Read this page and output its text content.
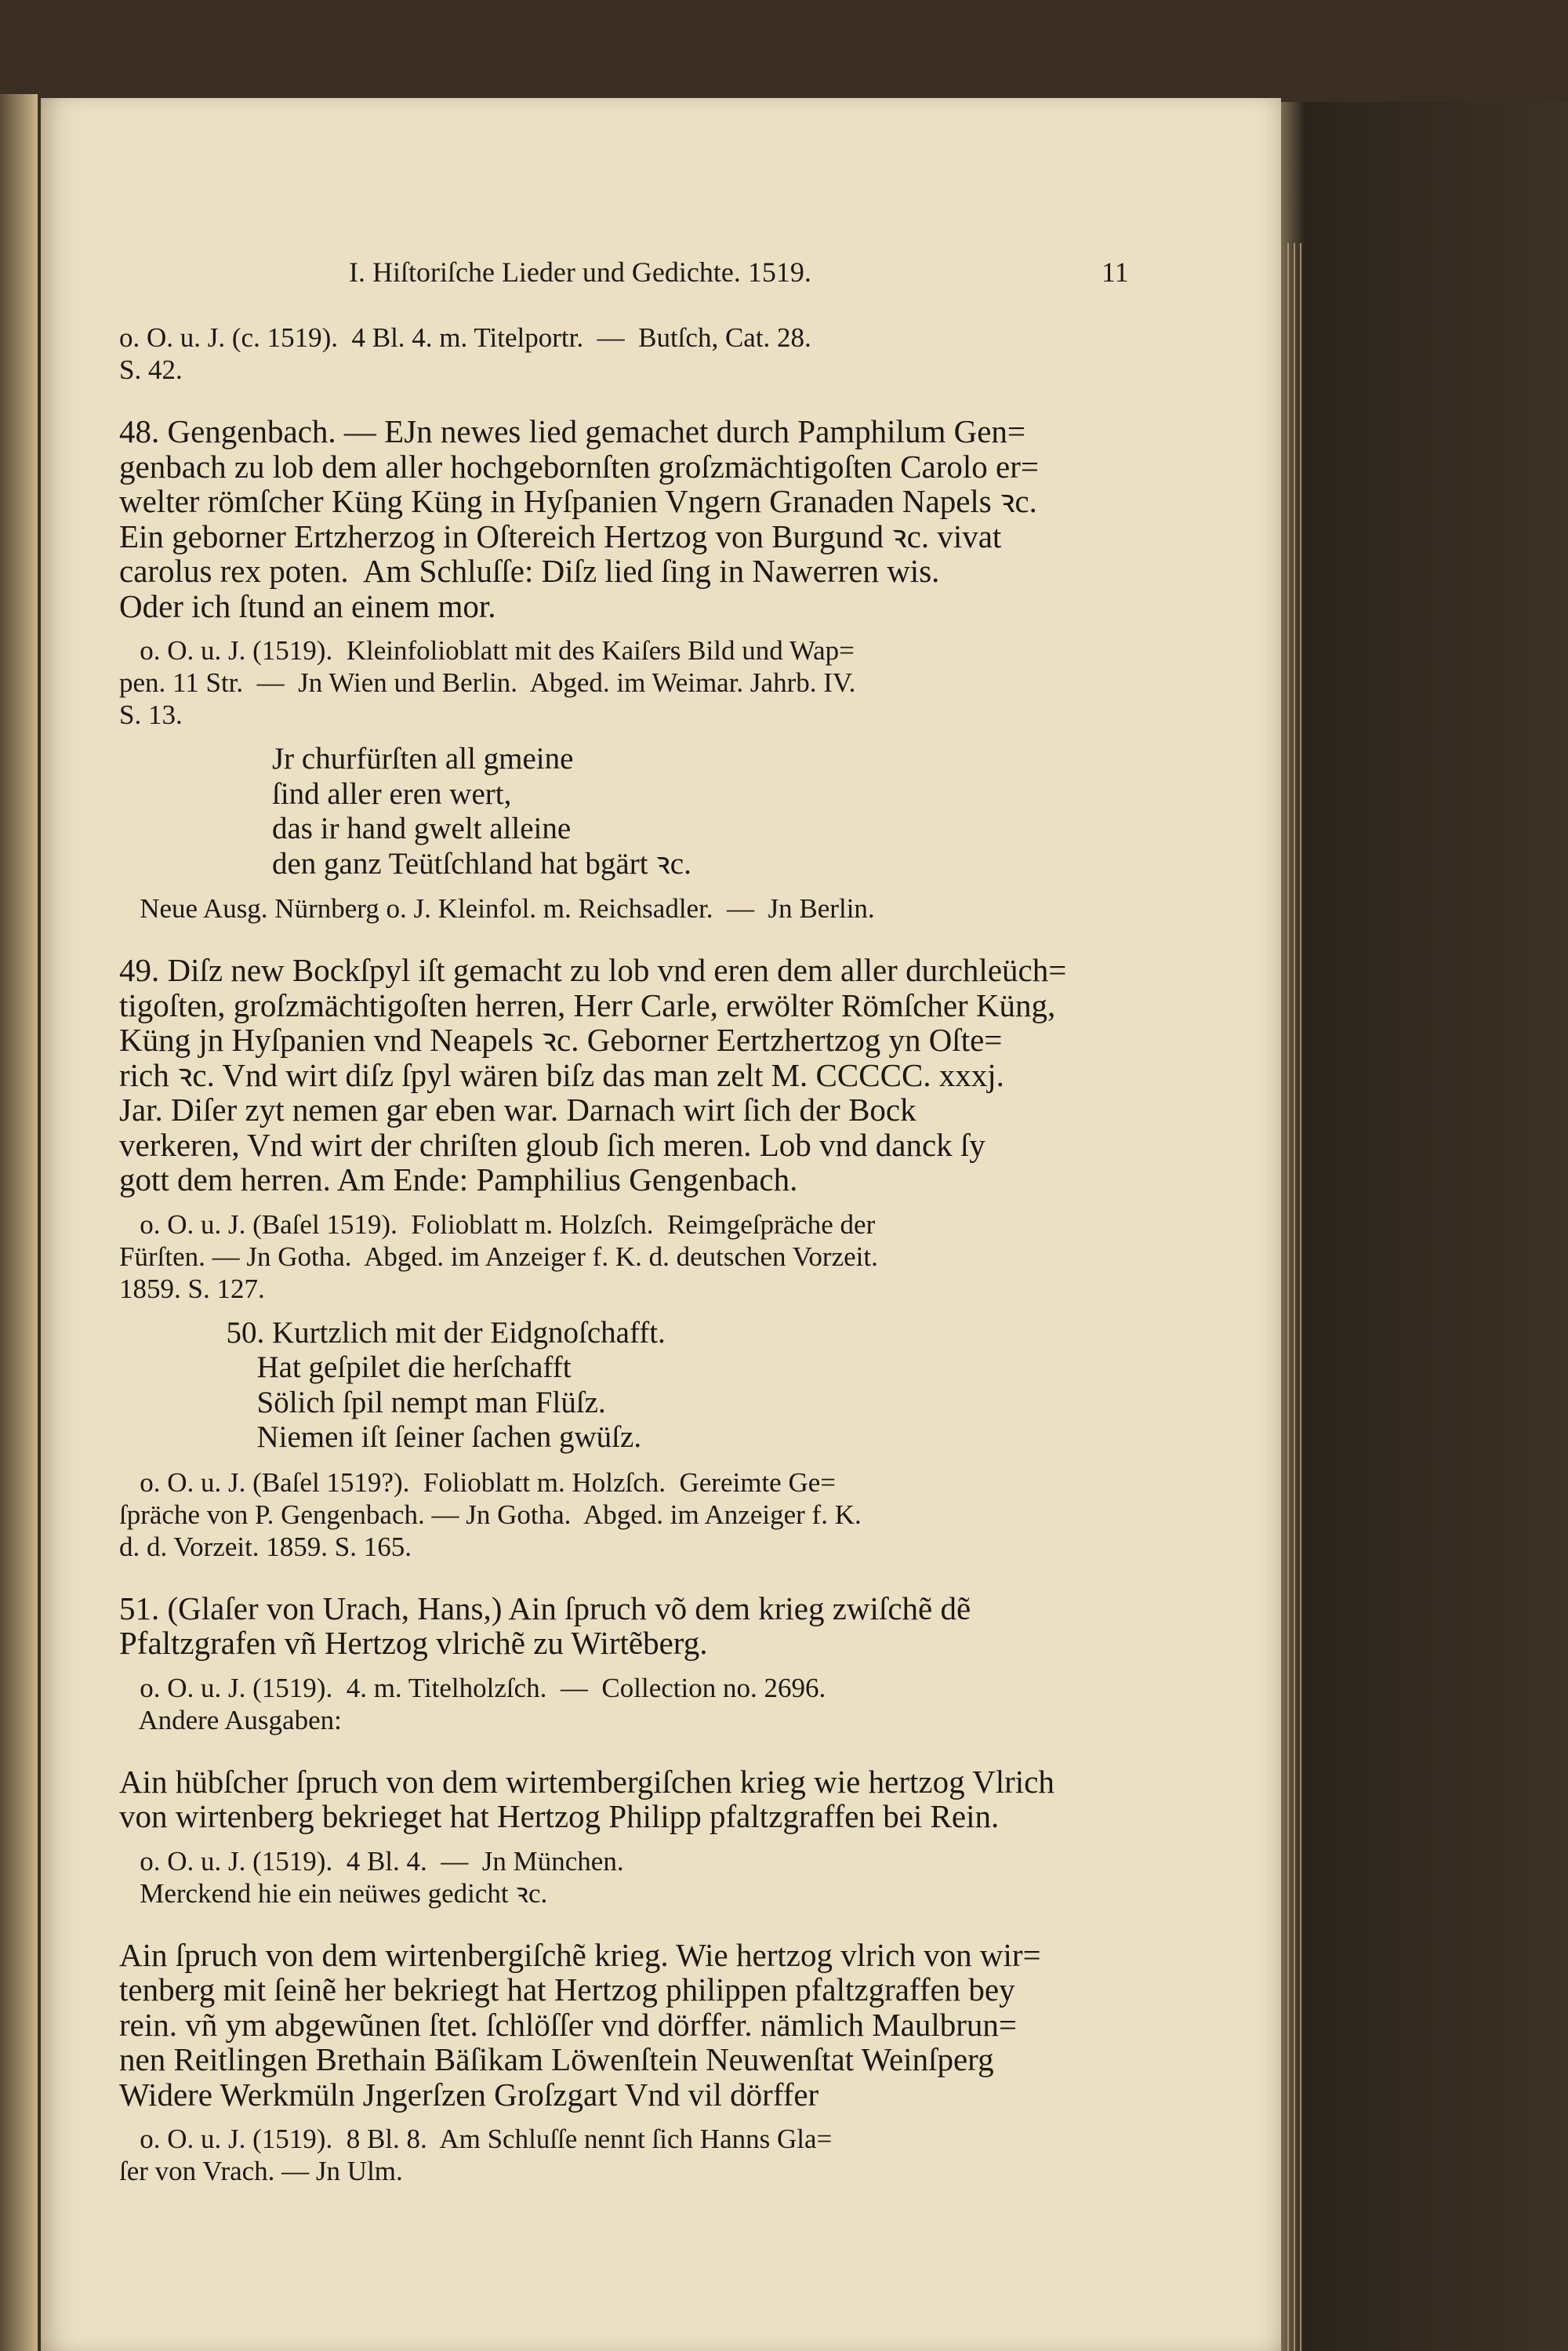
I. Hiſtoriſche Lieder und Gedichte. 1519.	11
o. O. u. J. (c. 1519).  4 Bl. 4. m. Titelportr.  —  Butſch, Cat. 28.
S. 42.
48. Gengenbach. — EJn newes lied gemachet durch Pamphilum Gen=
genbach zu lob dem aller hochgebornſten groſzmächtigoſten Carolo er=
welter römſcher Küng Küng in Hyſpanien Vngern Granaden Napels ꝛc.
Ein geborner Ertzherzog in Oſtereich Hertzog von Burgund ꝛc. vivat
carolus rex poten.  Am Schluſſe: Diſz lied ſing in Nawerren wis.
Oder ich ſtund an einem mor.
o. O. u. J. (1519).  Kleinfolioblatt mit des Kaiſers Bild und Wap=
pen. 11 Str.  —  Jn Wien und Berlin.  Abged. im Weimar. Jahrb. IV.
S. 13.
Jr churfürſten all gmeine
ſind aller eren wert,
das ir hand gwelt alleine
den ganz Teütſchland hat bgärt ꝛc.
Neue Ausg. Nürnberg o. J. Kleinfol. m. Reichsadler.  —  Jn Berlin.
49. Diſz new Bockſpyl iſt gemacht zu lob vnd eren dem aller durchleüch=
tigoſten, groſzmächtigoſten herren, Herr Carle, erwölter Römſcher Küng,
Küng jn Hyſpanien vnd Neapels ꝛc. Geborner Eertzhertzog yn Oſte=
rich ꝛc. Vnd wirt diſz ſpyl wären biſz das man zelt M. CCCCC. xxxj.
Jar. Diſer zyt nemen gar eben war. Darnach wirt ſich der Bock
verkeren, Vnd wirt der chriſten gloub ſich meren. Lob vnd danck ſy
gott dem herren. Am Ende: Pamphilius Gengenbach.
o. O. u. J. (Baſel 1519).  Folioblatt m. Holzſch.  Reimgeſpräche der
Fürſten. — Jn Gotha.  Abged. im Anzeiger f. K. d. deutschen Vorzeit.
1859. S. 127.
50. Kurtzlich mit der Eidgnoſchafft.
Hat geſpilet die herſchafft
Sölich ſpil nempt man Flüſz.
Niemen iſt ſeiner ſachen gwüſz.
o. O. u. J. (Baſel 1519?).  Folioblatt m. Holzſch.  Gereimte Ge=
ſpräche von P. Gengenbach. — Jn Gotha.  Abged. im Anzeiger f. K.
d. d. Vorzeit. 1859. S. 165.
51. (Glaſer von Urach, Hans,) Ain ſpruch võ dem krieg zwiſchẽ dẽ
Pfaltzgrafen vñ Hertzog vlrichẽ zu Wirtẽberg.
o. O. u. J. (1519).  4. m. Titelholzſch.  —  Collection no. 2696.
Andere Ausgaben:
Ain hübſcher ſpruch von dem wirtembergiſchen krieg wie hertzog Vlrich
von wirtenberg bekrieget hat Hertzog Philipp pfaltzgraffen bei Rein.
o. O. u. J. (1519).  4 Bl. 4.  —  Jn München.
Merckend hie ein neüwes gedicht ꝛc.
Ain ſpruch von dem wirtenbergiſchẽ krieg. Wie hertzog vlrich von wir=
tenberg mit ſeinẽ her bekriegt hat Hertzog philippen pfaltzgraffen bey
rein. vñ ym abgewũnen ſtet. ſchlöſſer vnd dörffer. nämlich Maulbrun=
nen Reitlingen Brethain Bäſikam Löwenſtein Neuwenſtat Weinſperg
Widere Werkmüln Jngerſzen Groſzgart Vnd vil dörffer
o. O. u. J. (1519).  8 Bl. 8.  Am Schluſſe nennt ſich Hanns Gla=
ſer von Vrach. — Jn Ulm.
